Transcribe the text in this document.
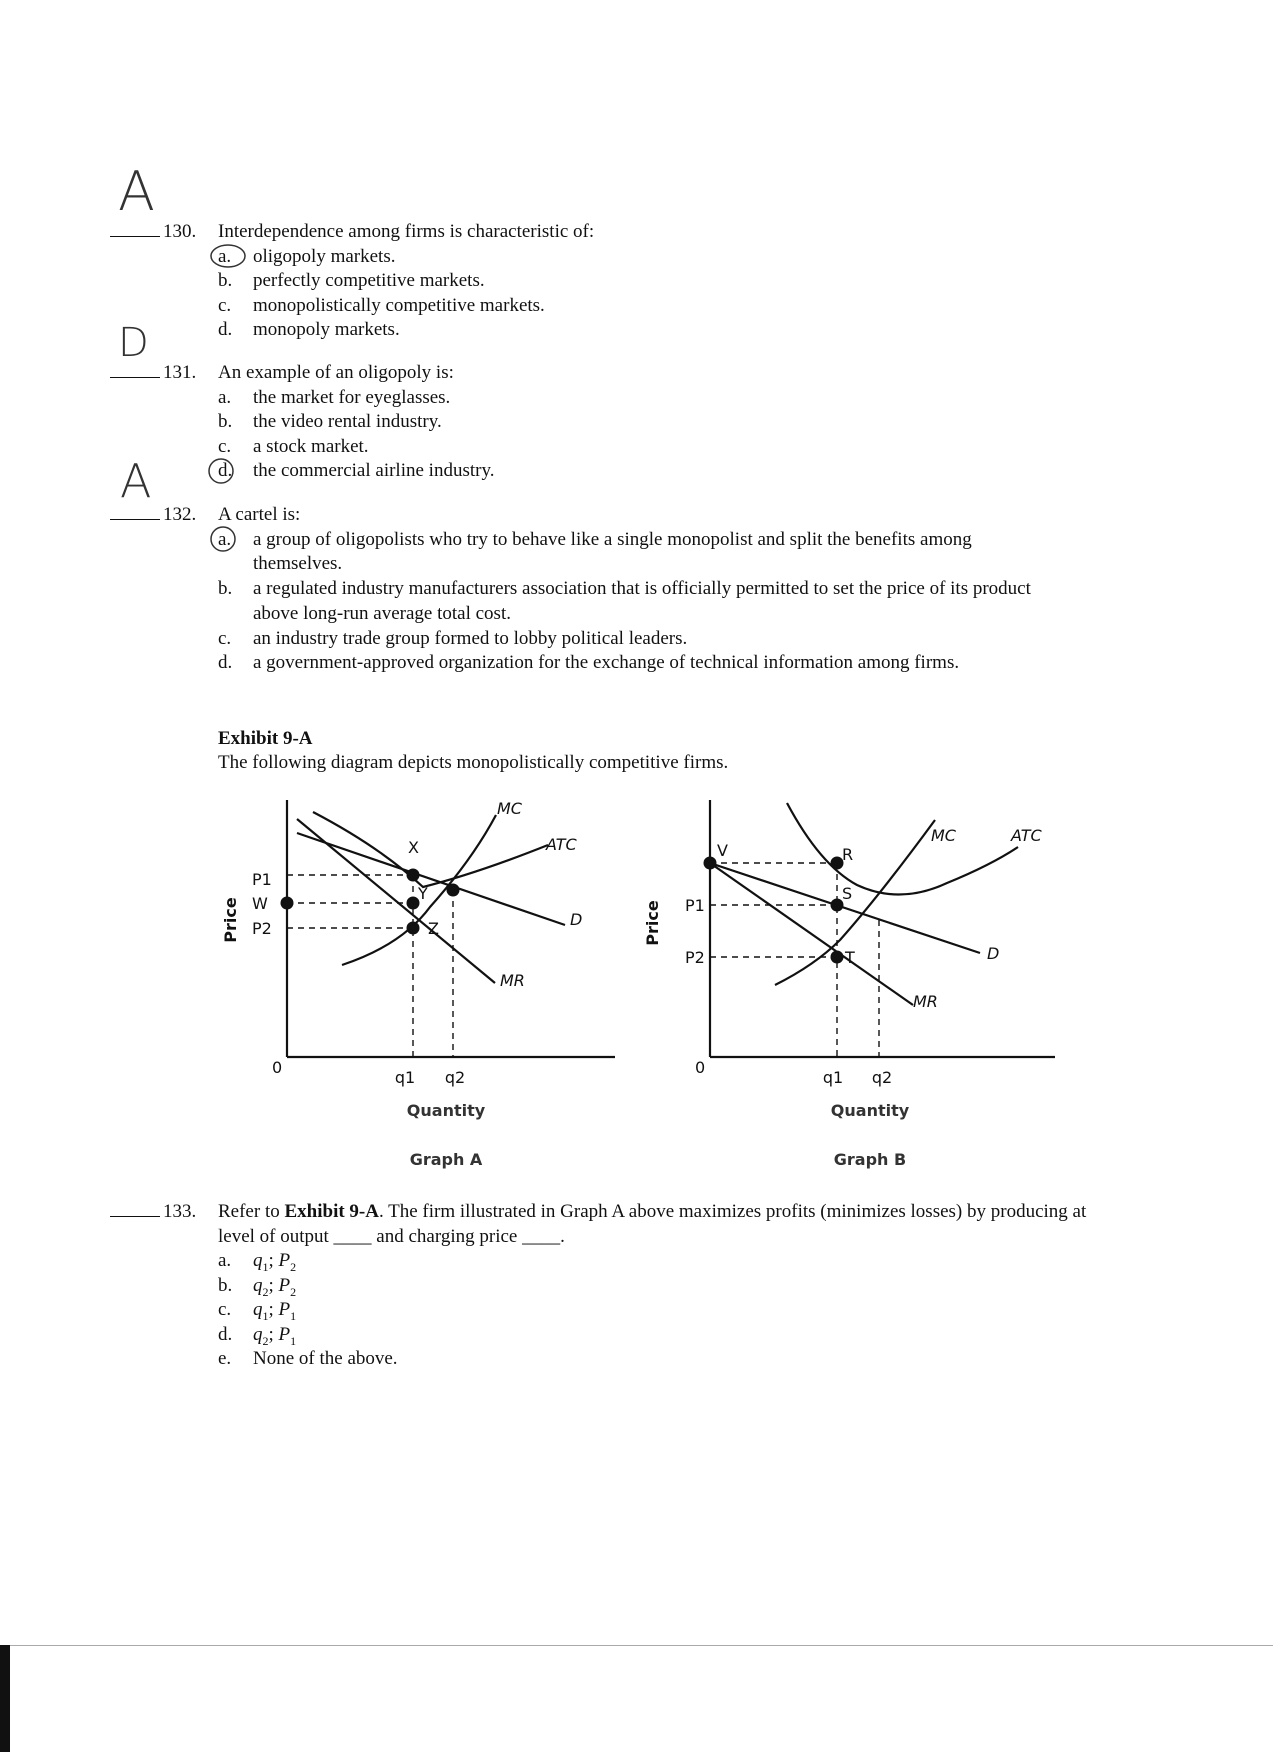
A
130. Interdependence among firms is characteristic of:
a.	oligopoly markets.
b.	perfectly competitive markets.
c.	monopolistically competitive markets.
d.	monopoly markets.
D
131. An example of an oligopoly is:
a.	the market for eyeglasses.
b.	the video rental industry.
c.	a stock market.
d.	the commercial airline industry.
A
132. A cartel is:
a.	a group of oligopolists who try to behave like a single monopolist and split the benefits among themselves.
b.	a regulated industry manufacturers association that is officially permitted to set the price of its product above long-run average total cost.
c.	an industry trade group formed to lobby political leaders.
d.	a government-approved organization for the exchange of technical information among firms.
Exhibit 9-A
The following diagram depicts monopolistically competitive firms.
Price
P1
W
P2
X
Y
Z
MC
ATC
D
MR
0
q1 q2
Quantity
Graph A
Price P1
P2
V	R
S
T
MC	ATC
D
MR
0
q1 q2
Quantity
Graph B
133. Refer to Exhibit 9-A. The firm illustrated in Graph A above maximizes profits (minimizes losses) by producing at level of output ____ and charging price ____.
a. $q_1$; $P_2$
b. $q_2$; $P_2$
c. $q_1$; $P_1$
d. $q_2$; $P_1$
e. None of the above.
